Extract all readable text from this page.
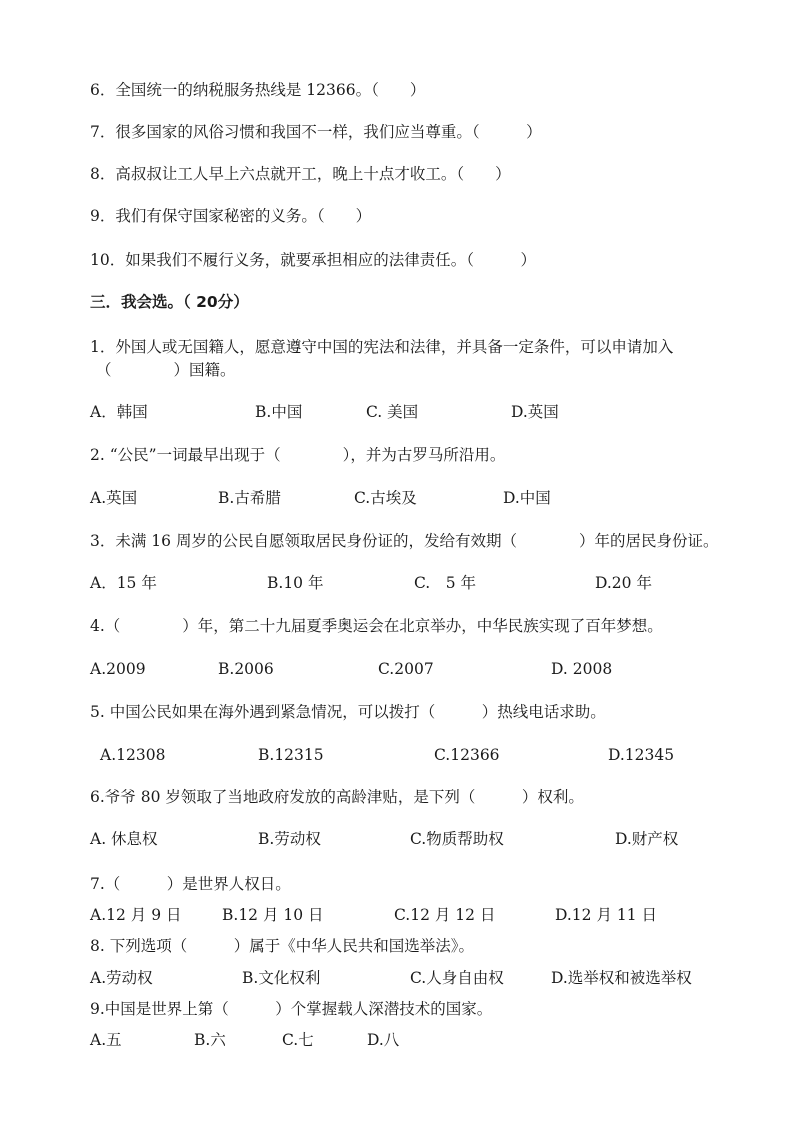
6．全国统一的纳税服务热线是 12366。（　　）
7．很多国家的风俗习惯和我国不一样，我们应当尊重。（　　　）
8．高叔叔让工人早上六点就开工，晚上十点才收工。（　　）
9．我们有保守国家秘密的义务。（　　）
10．如果我们不履行义务，就要承担相应的法律责任。（　　　）
三．我会选。（ 20分）
1．外国人或无国籍人，愿意遵守中国的宪法和法律，并具备一定条件，可以申请加入
（　　　　）国籍。
A．韩国	B.中国	C. 美国	D.英国
2. “公民”一词最早出现于（　　　　），并为古罗马所沿用。
A.英国	B.古希腊	C.古埃及	D.中国
3．未满 16 周岁的公民自愿领取居民身份证的，发给有效期（　　　　）年的居民身份证。
A．15 年	B.10 年	C.　5 年	D.20 年
4.（　　　　）年，第二十九届夏季奥运会在北京举办，中华民族实现了百年梦想。
A.2009	B.2006	C.2007	D. 2008
5. 中国公民如果在海外遇到紧急情况，可以拨打（　　　）热线电话求助。
A.12308	B.12315	C.12366	D.12345
6.爷爷 80 岁领取了当地政府发放的高龄津贴，是下列（　　　）权利。
A. 休息权	B.劳动权	C.物质帮助权	D.财产权
7.（　　　）是世界人权日。
A.12 月 9 日	B.12 月 10 日	C.12 月 12 日	D.12 月 11 日
8. 下列选项（　　　）属于《中华人民共和国选举法》。
A.劳动权	B.文化权利	C.人身自由权	D.选举权和被选举权
9.中国是世界上第（　　　）个掌握载人深潜技术的国家。
A.五	B.六	C.七	D.八
